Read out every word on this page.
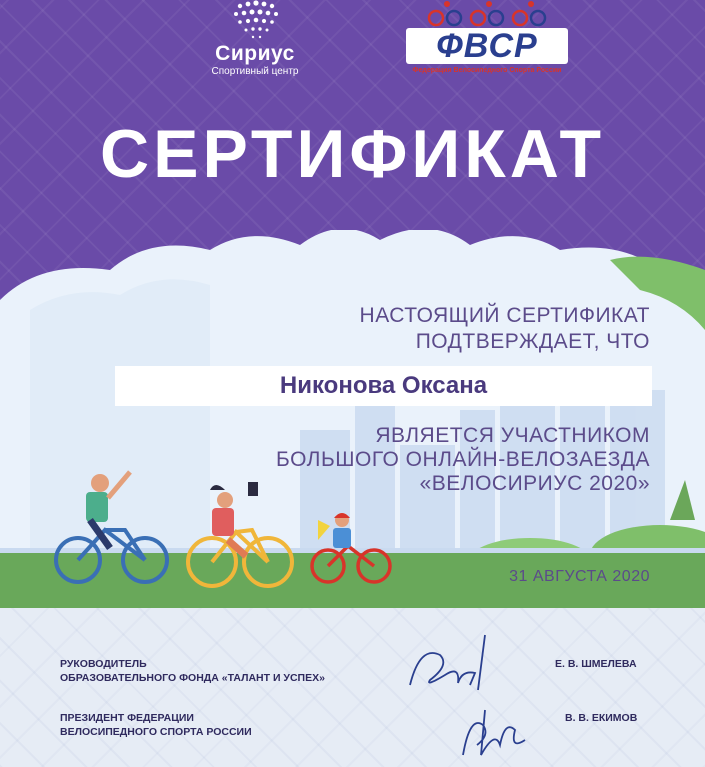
Сириус
Спортивный центр
ФВСР
Федерация Велосипедного Спорта России
СЕРТИФИКАТ
НАСТОЯЩИЙ СЕРТИФИКАТ
ПОДТВЕРЖДАЕТ, ЧТО
Никонова Оксана
ЯВЛЯЕТСЯ УЧАСТНИКОМ
БОЛЬШОГО ОНЛАЙН-ВЕЛОЗАЕЗДА
«ВЕЛОСИРИУС 2020»
31 АВГУСТА 2020
РУКОВОДИТЕЛЬ
ОБРАЗОВАТЕЛЬНОГО ФОНДА «ТАЛАНТ И УСПЕХ»
Е. В. ШМЕЛЕВА
ПРЕЗИДЕНТ ФЕДЕРАЦИИ
ВЕЛОСИПЕДНОГО СПОРТА РОССИИ
В. В. ЕКИМОВ
